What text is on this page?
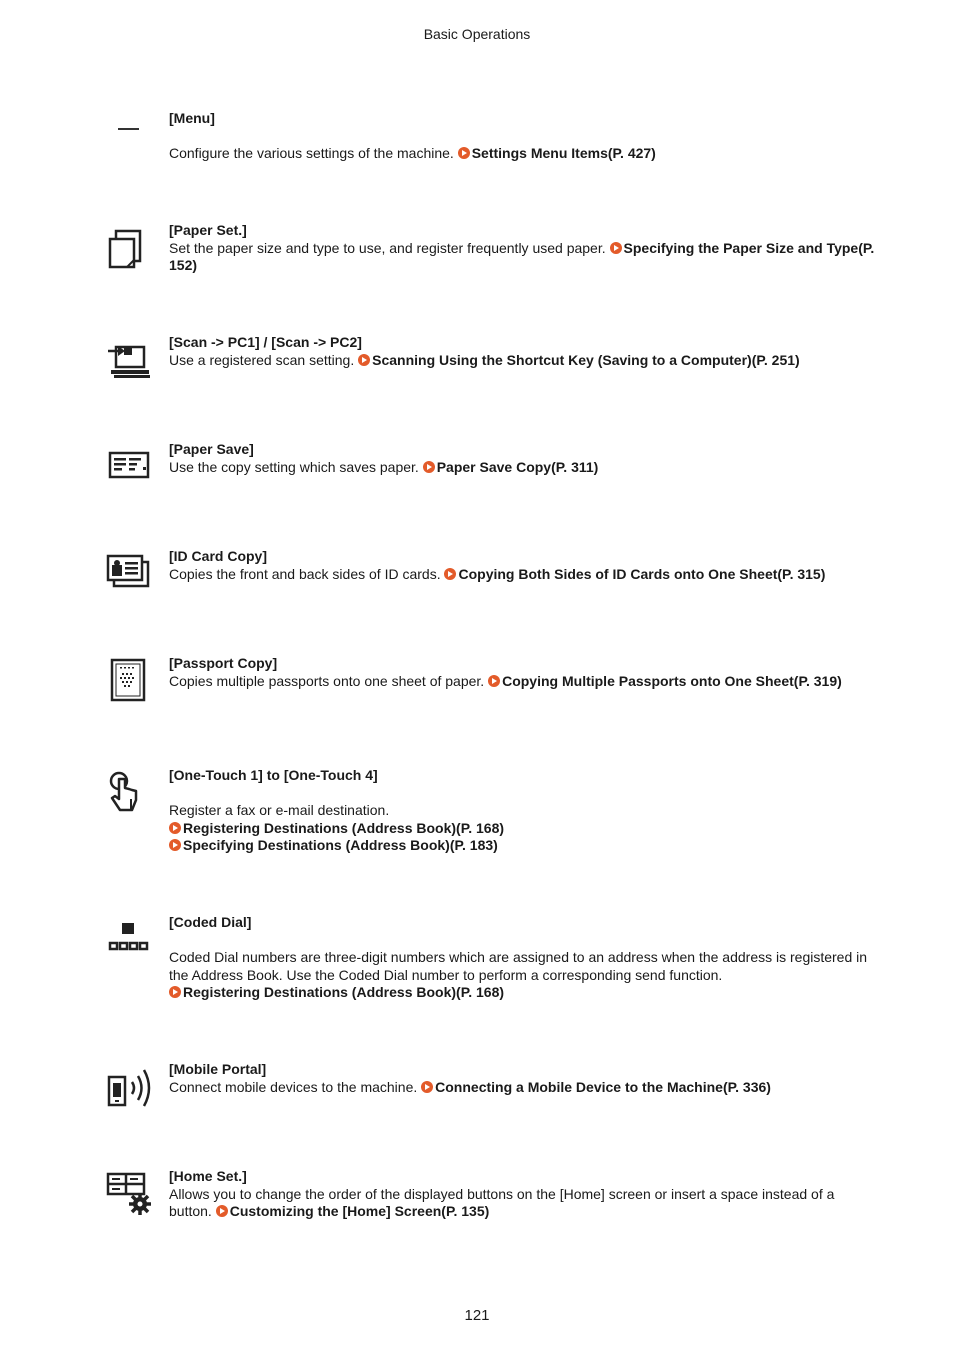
Basic Operations
[Menu]
Configure the various settings of the machine. Settings Menu Items(P. 427)
[Paper Set.]
Set the paper size and type to use, and register frequently used paper. Specifying the Paper Size and Type(P. 152)
[Scan -> PC1] / [Scan -> PC2]
Use a registered scan setting. Scanning Using the Shortcut Key (Saving to a Computer)(P. 251)
[Paper Save]
Use the copy setting which saves paper. Paper Save Copy(P. 311)
[ID Card Copy]
Copies the front and back sides of ID cards. Copying Both Sides of ID Cards onto One Sheet(P. 315)
[Passport Copy]
Copies multiple passports onto one sheet of paper. Copying Multiple Passports onto One Sheet(P. 319)
[One-Touch 1] to [One-Touch 4]
Register a fax or e-mail destination.
Registering Destinations (Address Book)(P. 168)
Specifying Destinations (Address Book)(P. 183)
[Coded Dial]
Coded Dial numbers are three-digit numbers which are assigned to an address when the address is registered in the Address Book. Use the Coded Dial number to perform a corresponding send function.
Registering Destinations (Address Book)(P. 168)
[Mobile Portal]
Connect mobile devices to the machine. Connecting a Mobile Device to the Machine(P. 336)
[Home Set.]
Allows you to change the order of the displayed buttons on the [Home] screen or insert a space instead of a button. Customizing the [Home] Screen(P. 135)
121
